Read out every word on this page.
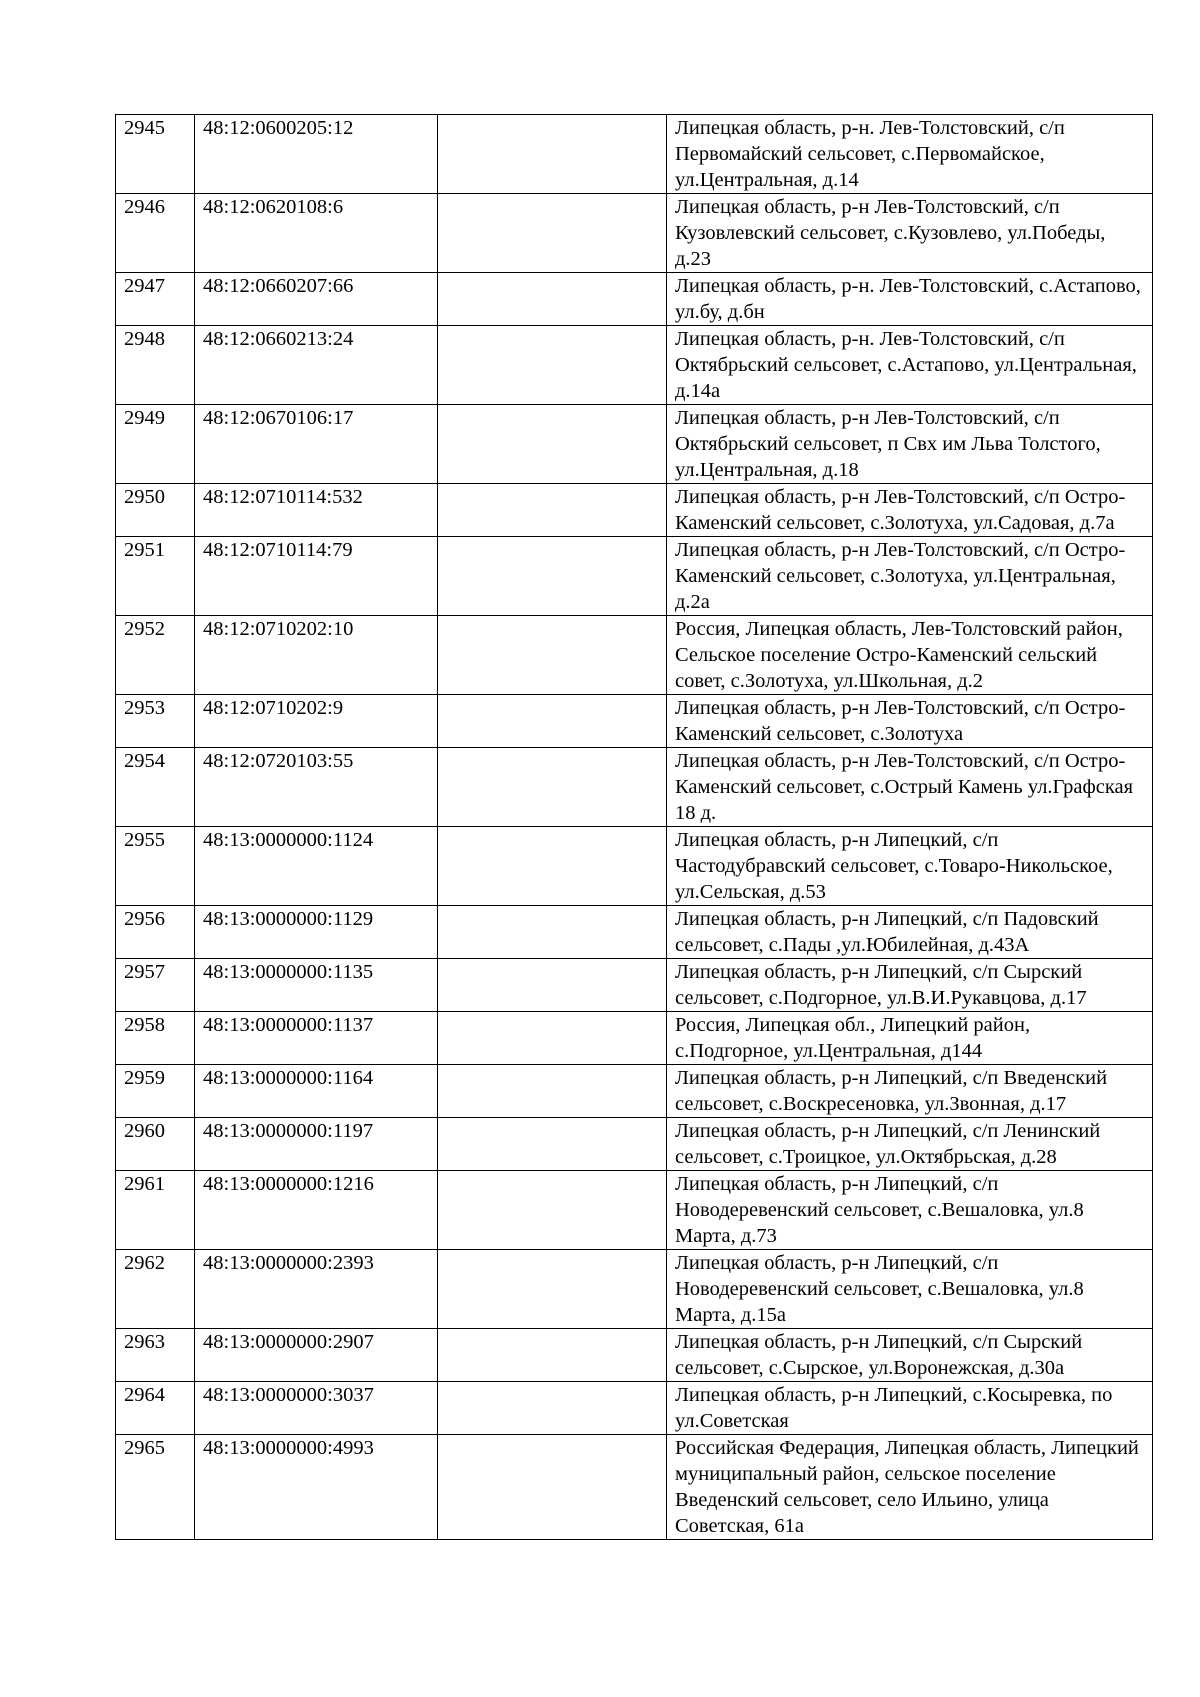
2945	48:12:0600205:12		Липецкая область, р-н. Лев-Толстовский, с/п Первомайский сельсовет, с.Первомайское, ул.Центральная, д.14
2946	48:12:0620108:6		Липецкая область, р-н Лев-Толстовский, с/п Кузовлевский сельсовет, с.Кузовлево, ул.Победы, д.23
2947	48:12:0660207:66		Липецкая область, р-н. Лев-Толстовский, с.Астапово, ул.бу, д.бн
2948	48:12:0660213:24		Липецкая область, р-н. Лев-Толстовский, с/п Октябрьский сельсовет, с.Астапово, ул.Центральная, д.14а
2949	48:12:0670106:17		Липецкая область, р-н Лев-Толстовский, с/п Октябрьский сельсовет, п Свх им Льва Толстого, ул.Центральная, д.18
2950	48:12:0710114:532		Липецкая область, р-н Лев-Толстовский, с/п Остро-Каменский сельсовет, с.Золотуха, ул.Садовая, д.7а
2951	48:12:0710114:79		Липецкая область, р-н Лев-Толстовский, с/п Остро-Каменский сельсовет, с.Золотуха, ул.Центральная, д.2а
2952	48:12:0710202:10		Россия, Липецкая область, Лев-Толстовский район, Сельское поселение Остро-Каменский сельский совет, с.Золотуха, ул.Школьная, д.2
2953	48:12:0710202:9		Липецкая область, р-н Лев-Толстовский, с/п Остро-Каменский сельсовет, с.Золотуха
2954	48:12:0720103:55		Липецкая область, р-н Лев-Толстовский, с/п Остро-Каменский сельсовет, с.Острый Камень ул.Графская 18 д.
2955	48:13:0000000:1124		Липецкая область, р-н Липецкий, с/п Частодубравский сельсовет, с.Товаро-Никольское, ул.Сельская, д.53
2956	48:13:0000000:1129		Липецкая область, р-н Липецкий, с/п Падовский сельсовет, с.Пады ,ул.Юбилейная, д.43А
2957	48:13:0000000:1135		Липецкая область, р-н Липецкий, с/п Сырский сельсовет, с.Подгорное, ул.В.И.Рукавцова, д.17
2958	48:13:0000000:1137		Россия, Липецкая обл., Липецкий район, с.Подгорное, ул.Центральная, д144
2959	48:13:0000000:1164		Липецкая область, р-н Липецкий, с/п Введенский сельсовет, с.Воскресеновка, ул.Звонная, д.17
2960	48:13:0000000:1197		Липецкая область, р-н Липецкий, с/п Ленинский сельсовет, с.Троицкое, ул.Октябрьская, д.28
2961	48:13:0000000:1216		Липецкая область, р-н Липецкий, с/п Новодеревенский сельсовет, с.Вешаловка, ул.8 Марта, д.73
2962	48:13:0000000:2393		Липецкая область, р-н Липецкий, с/п Новодеревенский сельсовет, с.Вешаловка, ул.8 Марта, д.15а
2963	48:13:0000000:2907		Липецкая область, р-н Липецкий, с/п Сырский сельсовет, с.Сырское, ул.Воронежская, д.30а
2964	48:13:0000000:3037		Липецкая область, р-н Липецкий, с.Косыревка, по ул.Советская
2965	48:13:0000000:4993		Российская Федерация, Липецкая область, Липецкий муниципальный район, сельское поселение Введенский сельсовет, село Ильино, улица Советская, 61а
